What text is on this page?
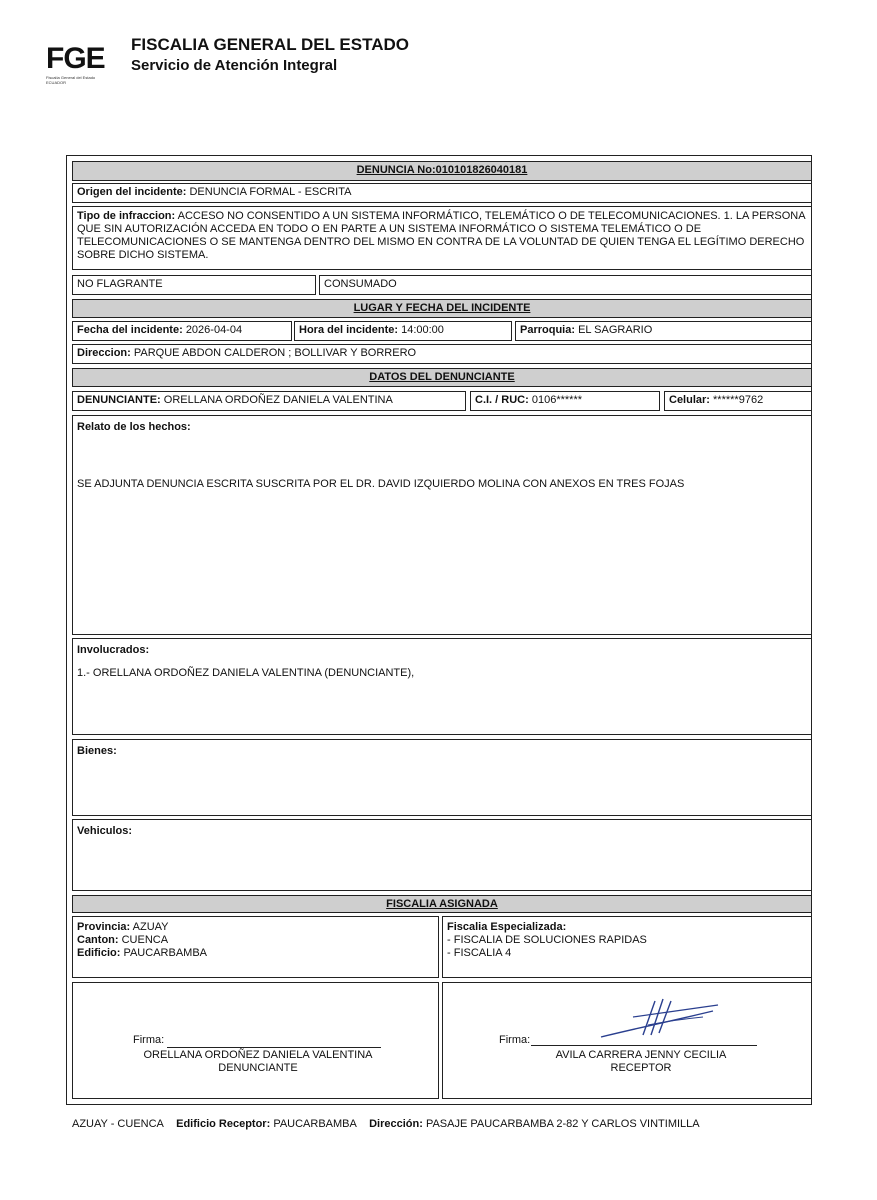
FGE
Fiscalía General del Estado ECUADOR
FISCALIA GENERAL DEL ESTADO
Servicio de Atención Integral
DENUNCIA No:010101826040181
Origen del incidente: DENUNCIA FORMAL - ESCRITA
Tipo de infraccion: ACCESO NO CONSENTIDO A UN SISTEMA INFORMÁTICO, TELEMÁTICO O DE TELECOMUNICACIONES. 1. LA PERSONA QUE SIN AUTORIZACIÓN ACCEDA EN TODO O EN PARTE A UN SISTEMA INFORMÁTICO O SISTEMA TELEMÁTICO O DE TELECOMUNICACIONES O SE MANTENGA DENTRO DEL MISMO EN CONTRA DE LA VOLUNTAD DE QUIEN TENGA EL LEGÍTIMO DERECHO SOBRE DICHO SISTEMA.
NO FLAGRANTE	CONSUMADO
LUGAR Y FECHA DEL INCIDENTE
Fecha del incidente: 2026-04-04	Hora del incidente: 14:00:00	Parroquia: EL SAGRARIO
Direccion: PARQUE ABDON CALDERON ; BOLLIVAR Y BORRERO
DATOS DEL DENUNCIANTE
DENUNCIANTE: ORELLANA ORDOÑEZ DANIELA VALENTINA	C.I. / RUC: 0106******	Celular: ******9762
Relato de los hechos:
SE ADJUNTA DENUNCIA ESCRITA SUSCRITA POR EL DR. DAVID IZQUIERDO MOLINA CON ANEXOS EN TRES FOJAS
Involucrados:
1.- ORELLANA ORDOÑEZ DANIELA VALENTINA (DENUNCIANTE),
Bienes:
Vehiculos:
FISCALIA ASIGNADA
Provincia: AZUAY
Canton: CUENCA
Edificio: PAUCARBAMBA
Fiscalia Especializada:
- FISCALIA DE SOLUCIONES RAPIDAS
- FISCALIA 4
Firma:
ORELLANA ORDOÑEZ DANIELA VALENTINA
DENUNCIANTE
Firma:
AVILA CARRERA JENNY CECILIA
RECEPTOR
AZUAY - CUENCA Edificio Receptor: PAUCARBAMBA Dirección: PASAJE PAUCARBAMBA 2-82 Y CARLOS VINTIMILLA
